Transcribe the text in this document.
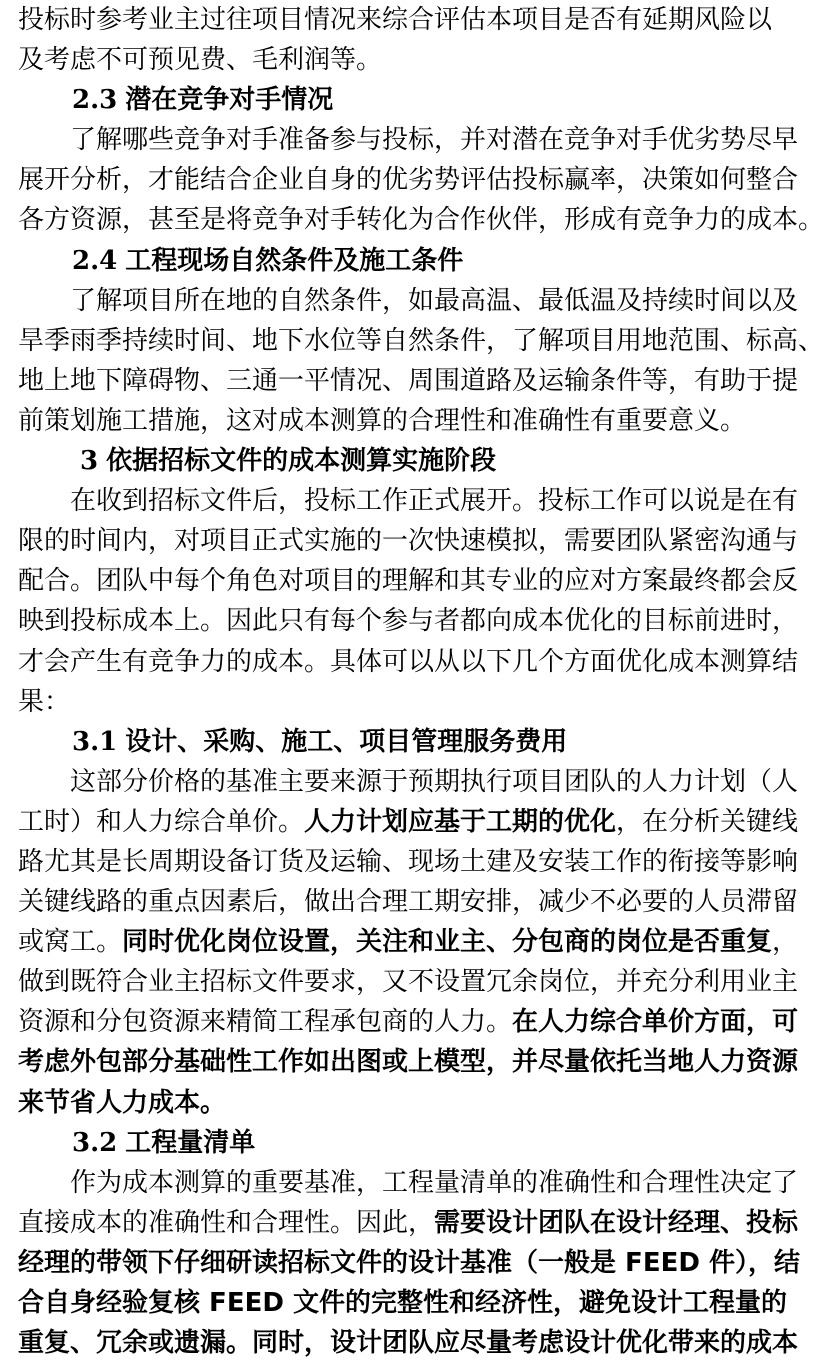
投标时参考业主过往项目情况来综合评估本项目是否有延期风险以
及考虑不可预见费、毛利润等。
2.3 潜在竞争对手情况
了解哪些竞争对手准备参与投标，并对潜在竞争对手优劣势尽早
展开分析，才能结合企业自身的优劣势评估投标赢率，决策如何整合
各方资源，甚至是将竞争对手转化为合作伙伴，形成有竞争力的成本。
2.4 工程现场自然条件及施工条件
了解项目所在地的自然条件，如最高温、最低温及持续时间以及
旱季雨季持续时间、地下水位等自然条件，了解项目用地范围、标高、
地上地下障碍物、三通一平情况、周围道路及运输条件等，有助于提
前策划施工措施，这对成本测算的合理性和准确性有重要意义。
3 依据招标文件的成本测算实施阶段
在收到招标文件后，投标工作正式展开。投标工作可以说是在有
限的时间内，对项目正式实施的一次快速模拟，需要团队紧密沟通与
配合。团队中每个角色对项目的理解和其专业的应对方案最终都会反
映到投标成本上。因此只有每个参与者都向成本优化的目标前进时，
才会产生有竞争力的成本。具体可以从以下几个方面优化成本测算结
果：
3.1 设计、采购、施工、项目管理服务费用
这部分价格的基准主要来源于预期执行项目团队的人力计划（人
工时）和人力综合单价。人力计划应基于工期的优化，在分析关键线
路尤其是长周期设备订货及运输、现场土建及安装工作的衔接等影响
关键线路的重点因素后，做出合理工期安排，减少不必要的人员滞留
或窝工。同时优化岗位设置，关注和业主、分包商的岗位是否重复，
做到既符合业主招标文件要求，又不设置冗余岗位，并充分利用业主
资源和分包资源来精简工程承包商的人力。在人力综合单价方面，可
考虑外包部分基础性工作如出图或上模型，并尽量依托当地人力资源
来节省人力成本。
3.2 工程量清单
作为成本测算的重要基准，工程量清单的准确性和合理性决定了
直接成本的准确性和合理性。因此，需要设计团队在设计经理、投标
经理的带领下仔细研读招标文件的设计基准（一般是 FEED 件），结
合自身经验复核 FEED 文件的完整性和经济性，避免设计工程量的
重复、冗余或遗漏。同时，设计团队应尽量考虑设计优化带来的成本
